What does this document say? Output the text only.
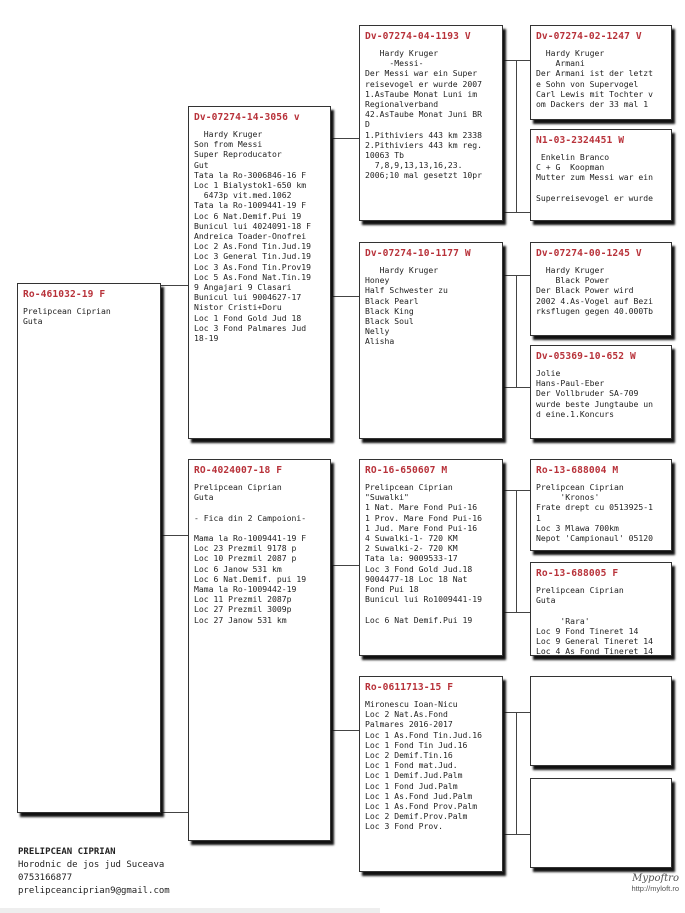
Ro-461032-19 F
Prelipcean Ciprian
Guta
Dv-07274-14-3056 v
Hardy Kruger
Son from Messi
Super Reproducator
Gut
Tata la Ro-3006846-16 F
Loc 1 Bialystok1-650 km
6473p vit.med.1062
Tata la Ro-1009441-19 F
Loc 6 Nat.Demif.Pui 19
Bunicul lui 4024091-18 F
Andreica Toader-Onofrei
Loc 2 As.Fond Tin.Jud.19
Loc 3 General Tin.Jud.19
Loc 3 As.Fond Tin.Prov19
Loc 5 As.Fond Nat.Tin.19
9 Angajari 9 Clasari
Bunicul lui 9004627-17
Nistor Cristi+Doru
Loc 1 Fond Gold Jud 18
Loc 3 Fond Palmares Jud
18-19
RO-4024007-18 F
Prelipcean Ciprian
Guta

- Fica din 2 Campoioni-

Mama la Ro-1009441-19 F
Loc 23 Prezmil 9178 p
Loc 10 Prezmil 2087 p
Loc 6 Janow 531 km
Loc 6 Nat.Demif. pui 19
Mama la Ro-1009442-19
Loc 11 Prezmil 2087p
Loc 27 Prezmil 3009p
Loc 27 Janow 531 km
Dv-07274-04-1193 V
Hardy Kruger
-Messi-
Der Messi war ein Super
reisevogel er wurde 2007
1.AsTaube Monat Luni im
Regionalverband
42.AsTaube Monat Juni BR
D
1.Pithiviers 443 km 2338
2.Pithiviers 443 km reg.
10063 Tb
7,8,9,13,13,16,23.
2006;10 mal gesetzt 10pr
Dv-07274-10-1177 W
Hardy Kruger
Honey
Half Schwester zu
Black Pearl
Black King
Black Soul
Nelly
Alisha
RO-16-650607 M
Prelipcean Ciprian
"Suwalki"
1 Nat. Mare Fond Pui-16
1 Prov. Mare Fond Pui-16
1 Jud. Mare Fond Pui-16
4 Suwalki-1- 720 KM
2 Suwalki-2- 720 KM
Tata la: 9009533-17
Loc 3 Fond Gold Jud.18
9004477-18 Loc 18 Nat
Fond Pui 18
Bunicul lui Ro1009441-19

Loc 6 Nat Demif.Pui 19
Ro-0611713-15 F
Mironescu Ioan-Nicu
Loc 2 Nat.As.Fond
Palmares 2016-2017
Loc 1 As.Fond Tin.Jud.16
Loc 1 Fond Tin Jud.16
Loc 2 Demif.Tin.16
Loc 1 Fond mat.Jud.
Loc 1 Demif.Jud.Palm
Loc 1 Fond Jud.Palm
Loc 1 As.Fond Jud.Palm
Loc 1 As.Fond Prov.Palm
Loc 2 Demif.Prov.Palm
Loc 3 Fond Prov.
Dv-07274-02-1247 V
Hardy Kruger
Armani
Der Armani ist der letzt
e Sohn von Supervogel
Carl Lewis mit Tochter v
om Dackers der 33 mal 1
N1-03-2324451 W
Enkelin Branco
C + G  Koopman
Mutter zum Messi war ein

Superreisevogel er wurde
Dv-07274-00-1245 V
Hardy Kruger
Black Power
Der Black Power wird
2002 4.As-Vogel auf Bezi
rksflugen gegen 40.000Tb
Dv-05369-10-652 W
Jolie
Hans-Paul-Eber
Der Vollbruder SA-709
wurde beste Jungtaube un
d eine.1.Koncurs
Ro-13-688004 M
Prelipcean Ciprian
'Kronos'
Frate drept cu 0513925-1
1
Loc 3 Mlawa 700km
Nepot 'Campionaul' 05120
Ro-13-688005 F
Prelipcean Ciprian
Guta

'Rara'
Loc 9 Fond Tineret 14
Loc 9 General Tineret 14
Loc 4 As Fond Tineret 14
PRELIPCEAN CIPRIAN
Horodnic de jos jud Suceava
0753166877
prelipceanciprian9@gmail.com
Mypoftro
http://myloft.ro
